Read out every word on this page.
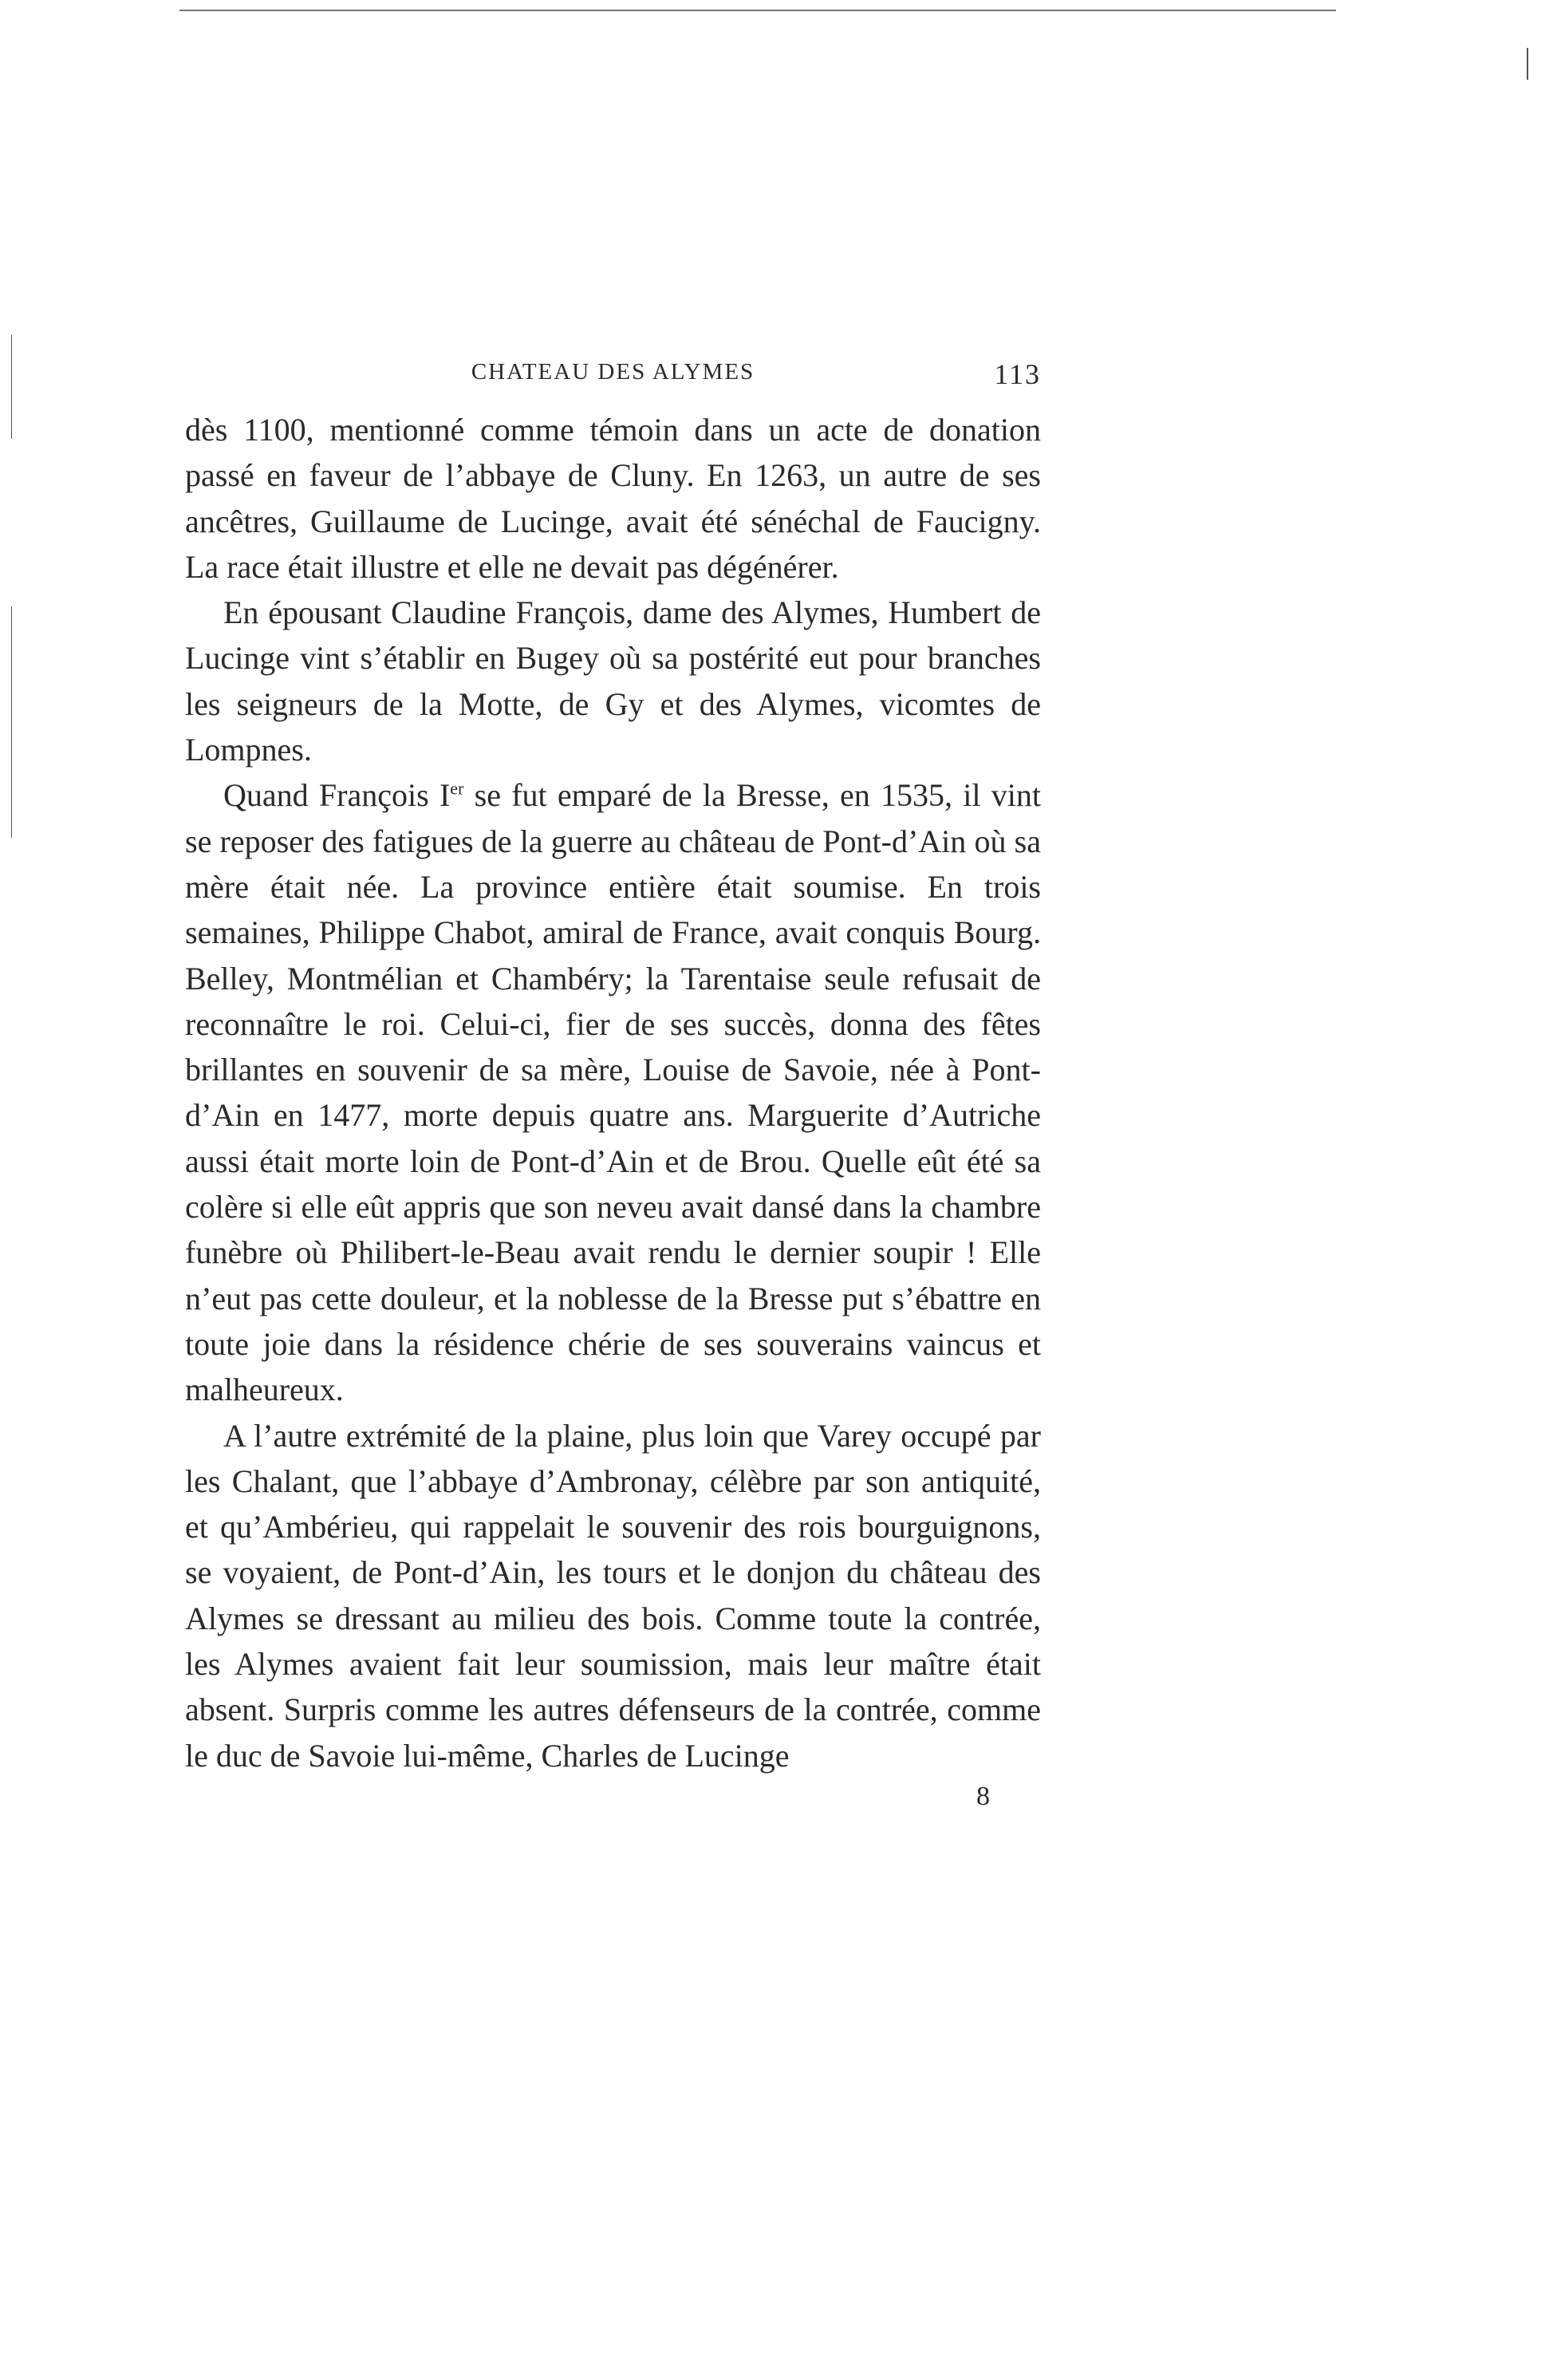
CHATEAU DES ALYMES	113

dès 1100, mentionné comme témoin dans un acte de donation passé en faveur de l’abbaye de Cluny. En 1263, un autre de ses ancêtres, Guillaume de Lucinge, avait été sénéchal de Faucigny. La race était illustre et elle ne devait pas dégénérer.

En épousant Claudine François, dame des Alymes, Humbert de Lucinge vint s’établir en Bugey où sa postérité eut pour branches les seigneurs de la Motte, de Gy et des Alymes, vicomtes de Lompnes.

Quand François Ier se fut emparé de la Bresse, en 1535, il vint se reposer des fatigues de la guerre au château de Pont-d’Ain où sa mère était née. La province entière était soumise. En trois semaines, Philippe Chabot, amiral de France, avait conquis Bourg. Belley, Montmélian et Chambéry; la Tarentaise seule refusait de reconnaître le roi. Celui-ci, fier de ses succès, donna des fêtes brillantes en souvenir de sa mère, Louise de Savoie, née à Pont-d’Ain en 1477, morte depuis quatre ans. Marguerite d’Autriche aussi était morte loin de Pont-d’Ain et de Brou. Quelle eût été sa colère si elle eût appris que son neveu avait dansé dans la chambre funèbre où Philibert-le-Beau avait rendu le dernier soupir ! Elle n’eut pas cette douleur, et la noblesse de la Bresse put s’ébattre en toute joie dans la résidence chérie de ses souverains vaincus et malheureux.

A l’autre extrémité de la plaine, plus loin que Varey occupé par les Chalant, que l’abbaye d’Ambronay, célèbre par son antiquité, et qu’Ambérieu, qui rappelait le souvenir des rois bourguignons, se voyaient, de Pont-d’Ain, les tours et le donjon du château des Alymes se dressant au milieu des bois. Comme toute la contrée, les Alymes avaient fait leur soumission, mais leur maître était absent. Surpris comme les autres défenseurs de la contrée, comme le duc de Savoie lui-même, Charles de Lucinge

8
